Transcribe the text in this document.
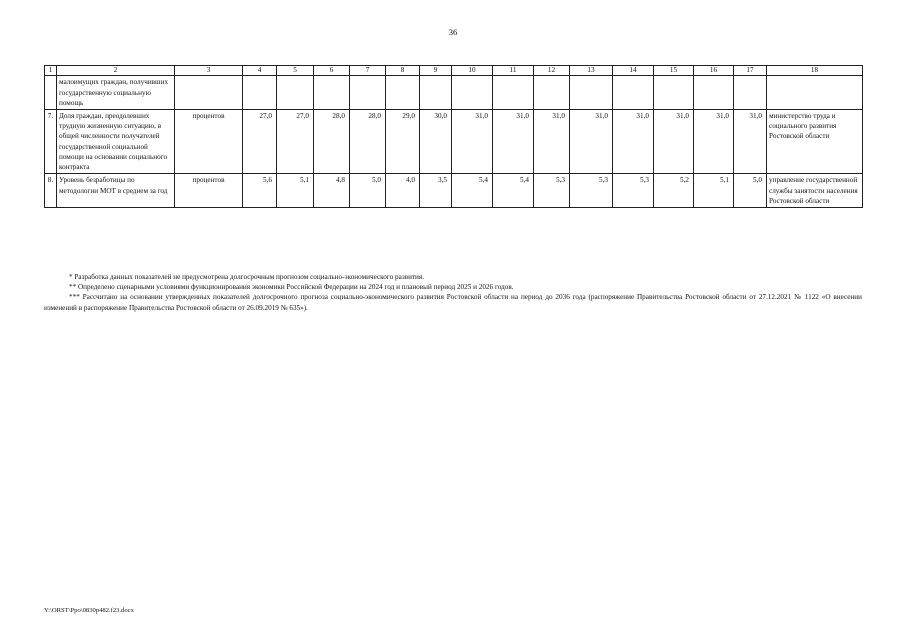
36
1	2	3	4	5	6	7	8	9	10	11	12	13	14	15	16	17	18
	малоимущих граждан, получивших государственную социальную помощь																
7.	Доля граждан, преодолевших трудную жизненную ситуацию, в общей численности получателей государственной социальной помощи на основании социального контракта	процентов	27,0	27,0	28,0	28,0	29,0	30,0	31,0	31,0	31,0	31,0	31,0	31,0	31,0	31,0	министерство труда и социального развития Ростовской области
8.	Уровень безработицы по методологии МОТ в среднем за год	процентов	5,6	5,1	4,8	5,0	4,0	3,5	5,4	5,4	5,3	5,3	5,3	5,2	5,1	5,0	управление государственной службы занятости населения Ростовской области

* Разработка данных показателей не предусмотрена долгосрочным прогнозом социально-экономического развития.

** Определено сценарными условиями функционирования экономики Российской Федерации на 2024 год и плановый период 2025 и 2026 годов.

*** Рассчитано на основании утвержденных показателей долгосрочного прогноза социально-экономического развития Ростовской области на период до 2036 года (распоряжение Правительства Ростовской области от 27.12.2021 № 1122 «О внесении изменений в распоряжение Правительства Ростовской области от 26.09.2019 № 635»).

Y:\ORST\Ppo\0830p482.f23.docx
